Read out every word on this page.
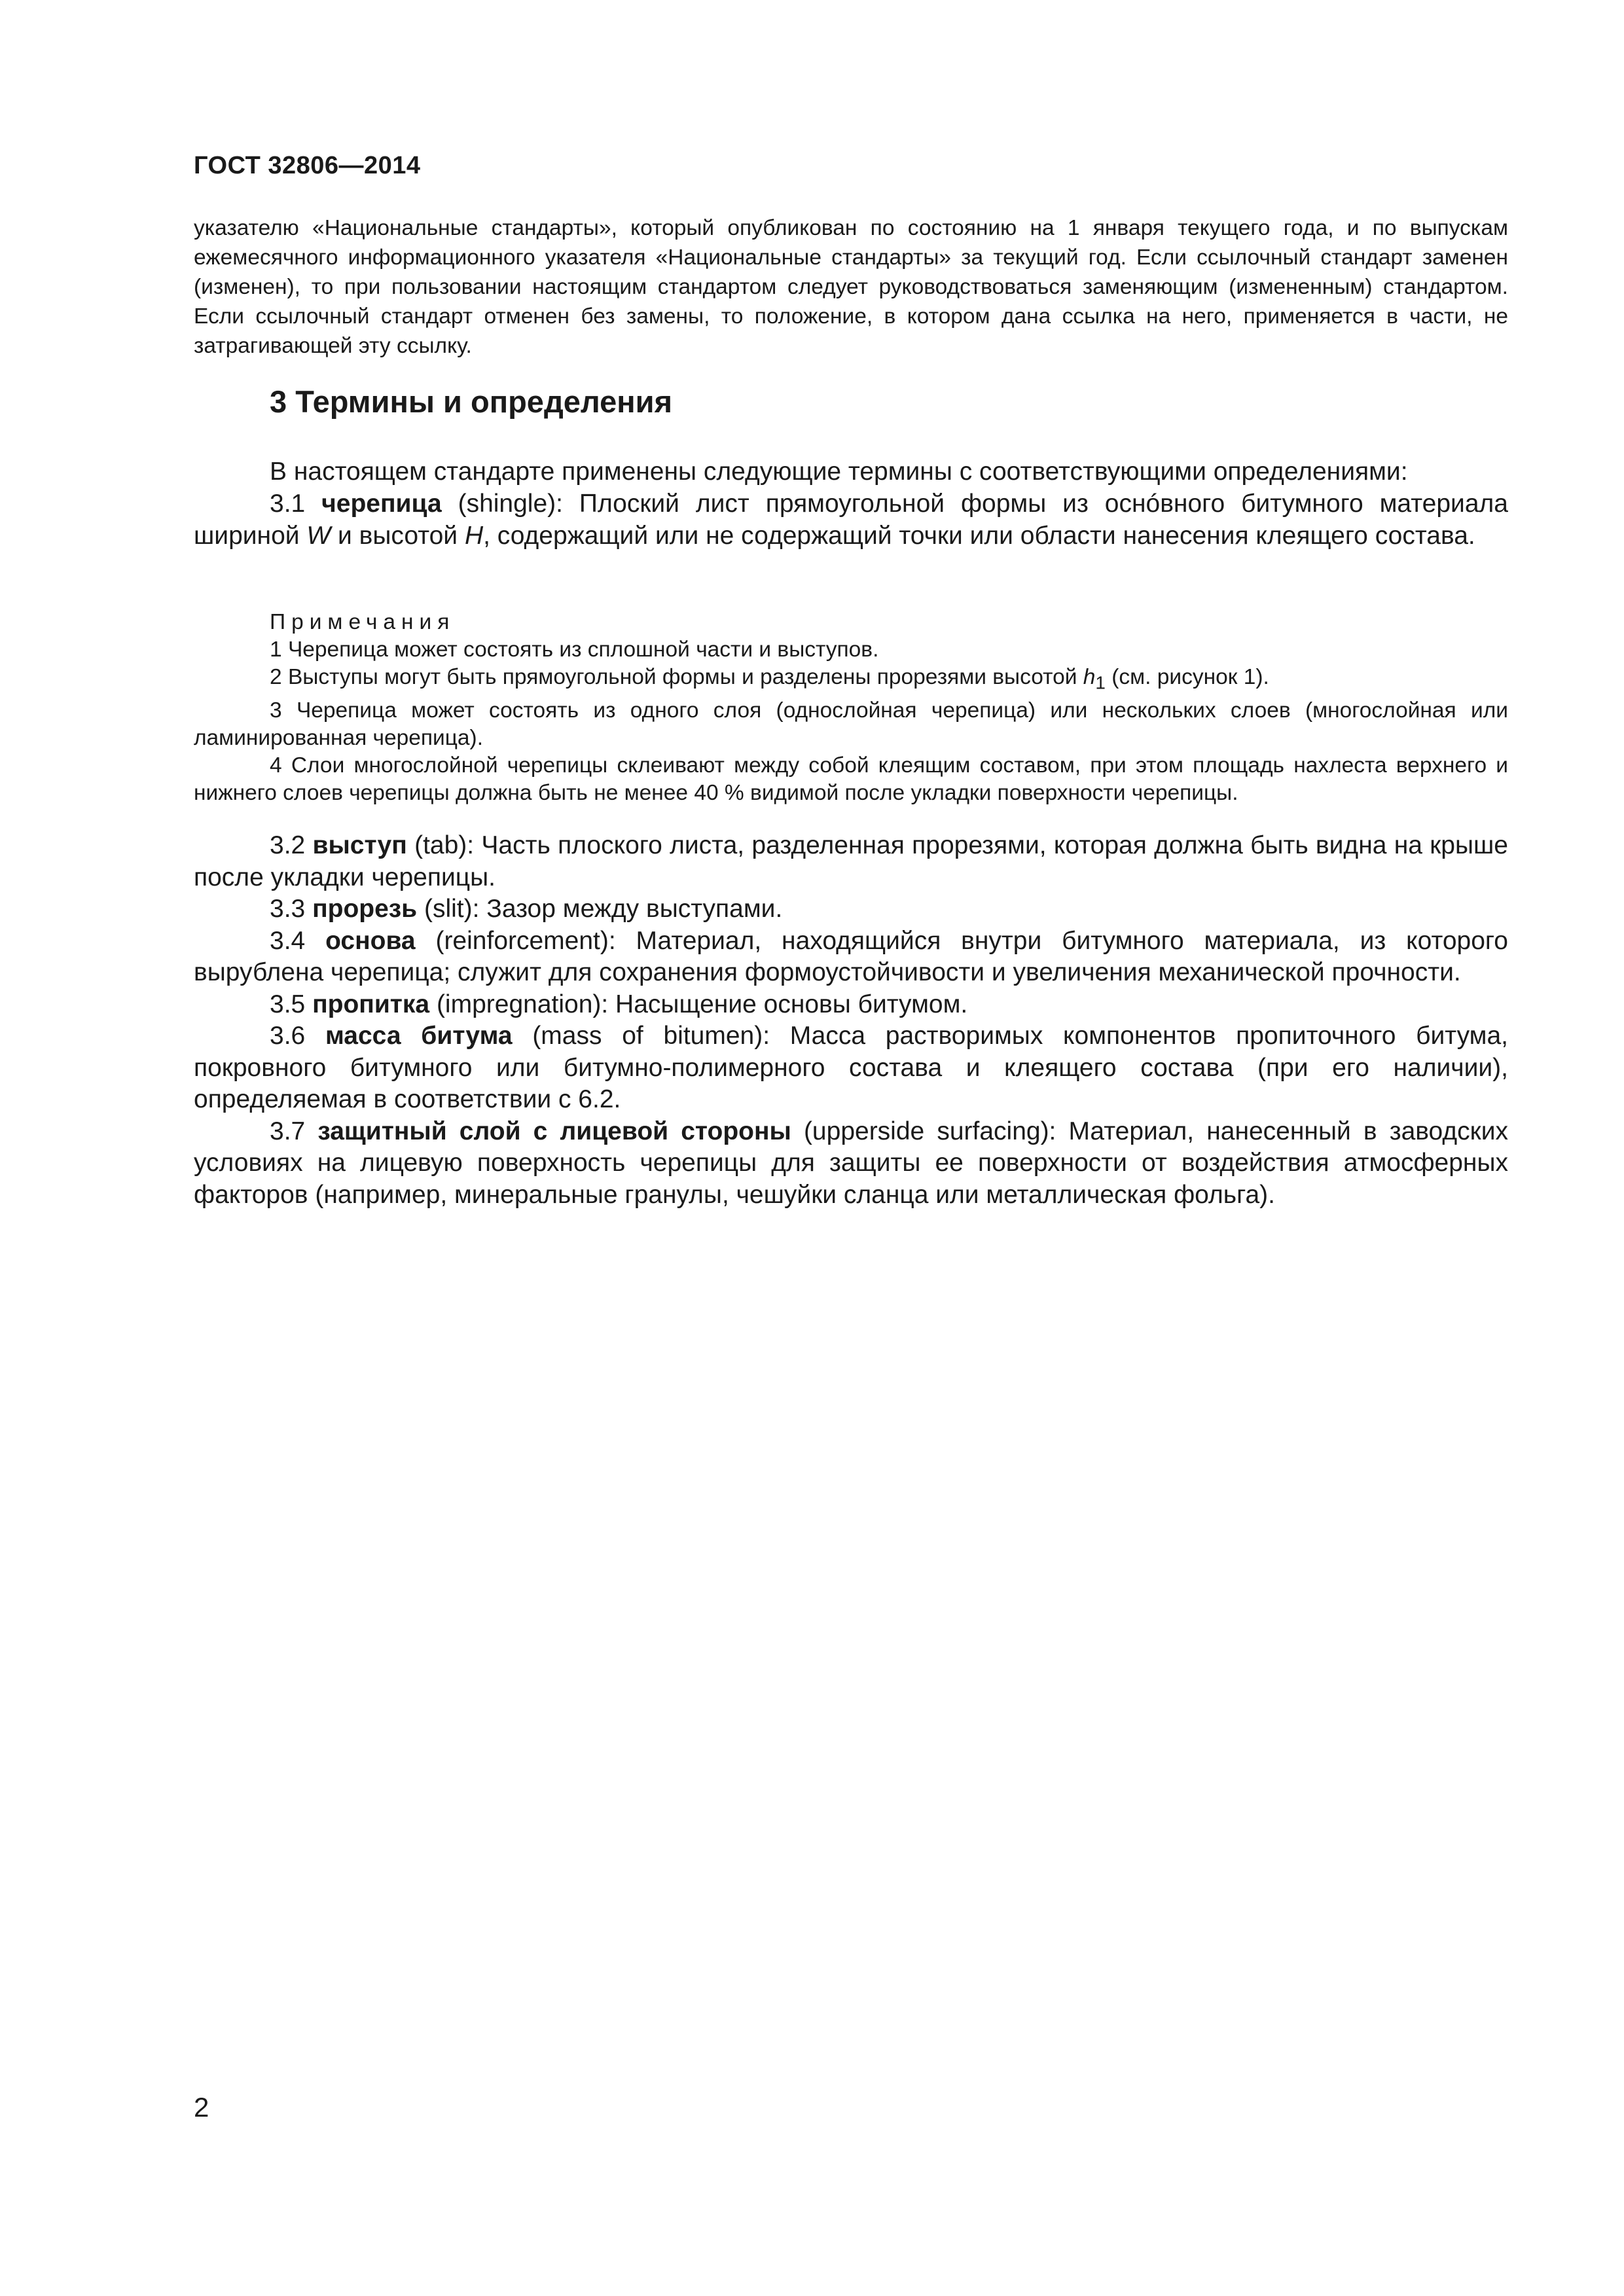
ГОСТ 32806—2014
указателю «Национальные стандарты», который опубликован по состоянию на 1 января текущего года, и по выпускам ежемесячного информационного указателя «Национальные стандарты» за текущий год. Если ссылочный стандарт заменен (изменен), то при пользовании настоящим стандартом следует руководствоваться заменяющим (измененным) стандартом. Если ссылочный стандарт отменен без замены, то положение, в котором дана ссылка на него, применяется в части, не затрагивающей эту ссылку.
3 Термины и определения

В настоящем стандарте применены следующие термины с соответствующими определениями:

3.1 черепица (shingle): Плоский лист прямоугольной формы из оснóвного битумного материала шириной W и высотой H, содержащий или не содержащий точки или области нанесения клеящего состава.

Примечания

1 Черепица может состоять из сплошной части и выступов.

2 Выступы могут быть прямоугольной формы и разделены прорезями высотой $h_1$ (см. рисунок 1).

3 Черепица может состоять из одного слоя (однослойная черепица) или нескольких слоев (многослойная или ламинированная черепица).

4 Слои многослойной черепицы склеивают между собой клеящим составом, при этом площадь нахлеста верхнего и нижнего слоев черепицы должна быть не менее 40 % видимой после укладки поверхности черепицы.

3.2 выступ (tab): Часть плоского листа, разделенная прорезями, которая должна быть видна на крыше после укладки черепицы.

3.3 прорезь (slit): Зазор между выступами.

3.4 основа (reinforcement): Материал, находящийся внутри битумного материала, из которого вырублена черепица; служит для сохранения формоустойчивости и увеличения механической прочности.

3.5 пропитка (impregnation): Насыщение основы битумом.

3.6 масса битума (mass of bitumen): Масса растворимых компонентов пропиточного битума, покровного битумного или битумно-полимерного состава и клеящего состава (при его наличии), определяемая в соответствии с 6.2.

3.7 защитный слой с лицевой стороны (upperside surfacing): Материал, нанесенный в заводских условиях на лицевую поверхность черепицы для защиты ее поверхности от воздействия атмосферных факторов (например, минеральные гранулы, чешуйки сланца или металлическая фольга).

2
